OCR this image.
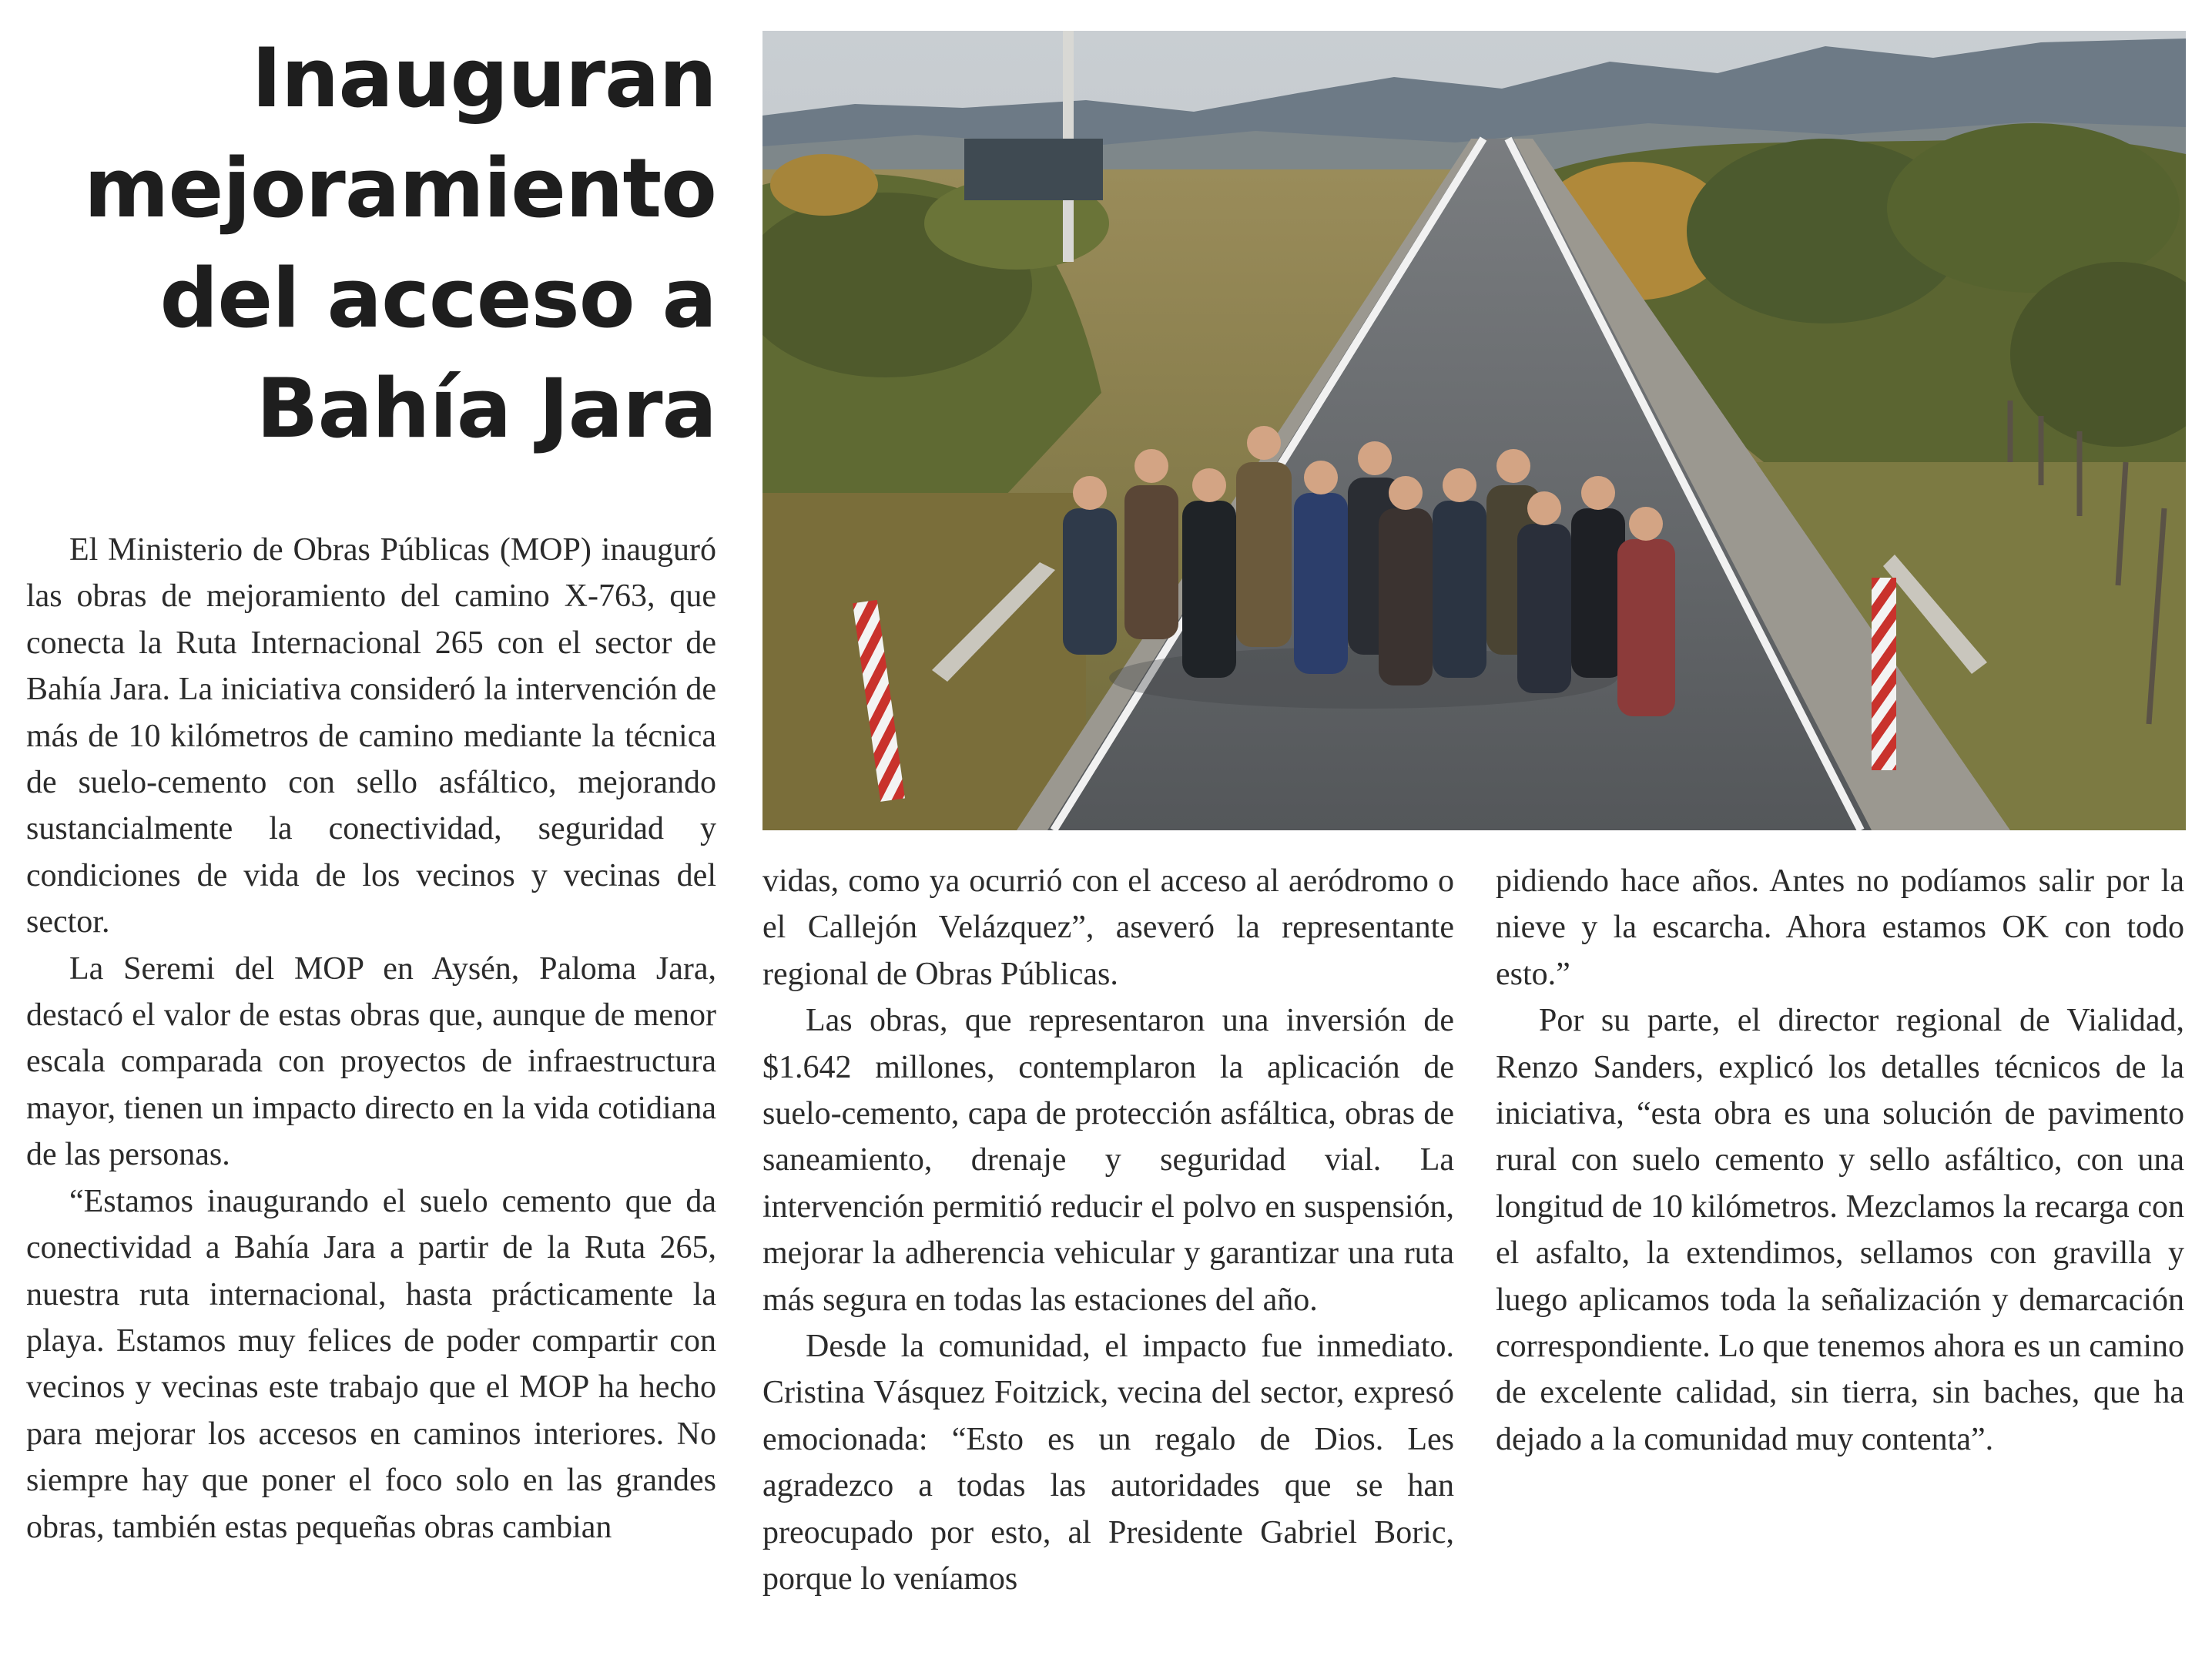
Inauguran
mejoramiento
del acceso a
Bahía Jara

El Ministerio de Obras Públicas (MOP) inauguró las obras de mejoramiento del camino X-763, que conecta la Ruta Internacional 265 con el sector de Bahía Jara. La iniciativa consideró la intervención de más de 10 kilómetros de camino mediante la técnica de suelo-cemento con sello asfáltico, mejorando sustancialmente la conectividad, seguridad y condiciones de vida de los vecinos y vecinas del sector.

La Seremi del MOP en Aysén, Paloma Jara, destacó el valor de estas obras que, aunque de menor escala comparada con proyectos de infraestructura mayor, tienen un impacto directo en la vida cotidiana de las personas.

“Estamos inaugurando el suelo cemento que da conectividad a Bahía Jara a partir de la Ruta 265, nuestra ruta internacional, hasta prácticamente la playa. Estamos muy felices de poder compartir con vecinos y vecinas este trabajo que el MOP ha hecho para mejorar los accesos en caminos interiores. No siempre hay que poner el foco solo en las grandes obras, también estas pequeñas obras cambian

vidas, como ya ocurrió con el acceso al aeródromo o el Callejón Velázquez”, aseveró la representante regional de Obras Públicas.

Las obras, que representaron una inversión de $1.642 millones, contemplaron la aplicación de suelo-cemento, capa de protección asfáltica, obras de saneamiento, drenaje y seguridad vial. La intervención permitió reducir el polvo en suspensión, mejorar la adherencia vehicular y garantizar una ruta más segura en todas las estaciones del año.

Desde la comunidad, el impacto fue inmediato. Cristina Vásquez Foitzick, vecina del sector, expresó emocionada: “Esto es un regalo de Dios. Les agradezco a todas las autoridades que se han preocupado por esto, al Presidente Gabriel Boric, porque lo veníamos

pidiendo hace años. Antes no podíamos salir por la nieve y la escarcha. Ahora estamos OK con todo esto.”

Por su parte, el director regional de Vialidad, Renzo Sanders, explicó los detalles técnicos de la iniciativa, “esta obra es una solución de pavimento rural con suelo cemento y sello asfáltico, con una longitud de 10 kilómetros. Mezclamos la recarga con el asfalto, la extendimos, sellamos con gravilla y luego aplicamos toda la señalización y demarcación correspondiente. Lo que tenemos ahora es un camino de excelente calidad, sin tierra, sin baches, que ha dejado a la comunidad muy contenta”.
